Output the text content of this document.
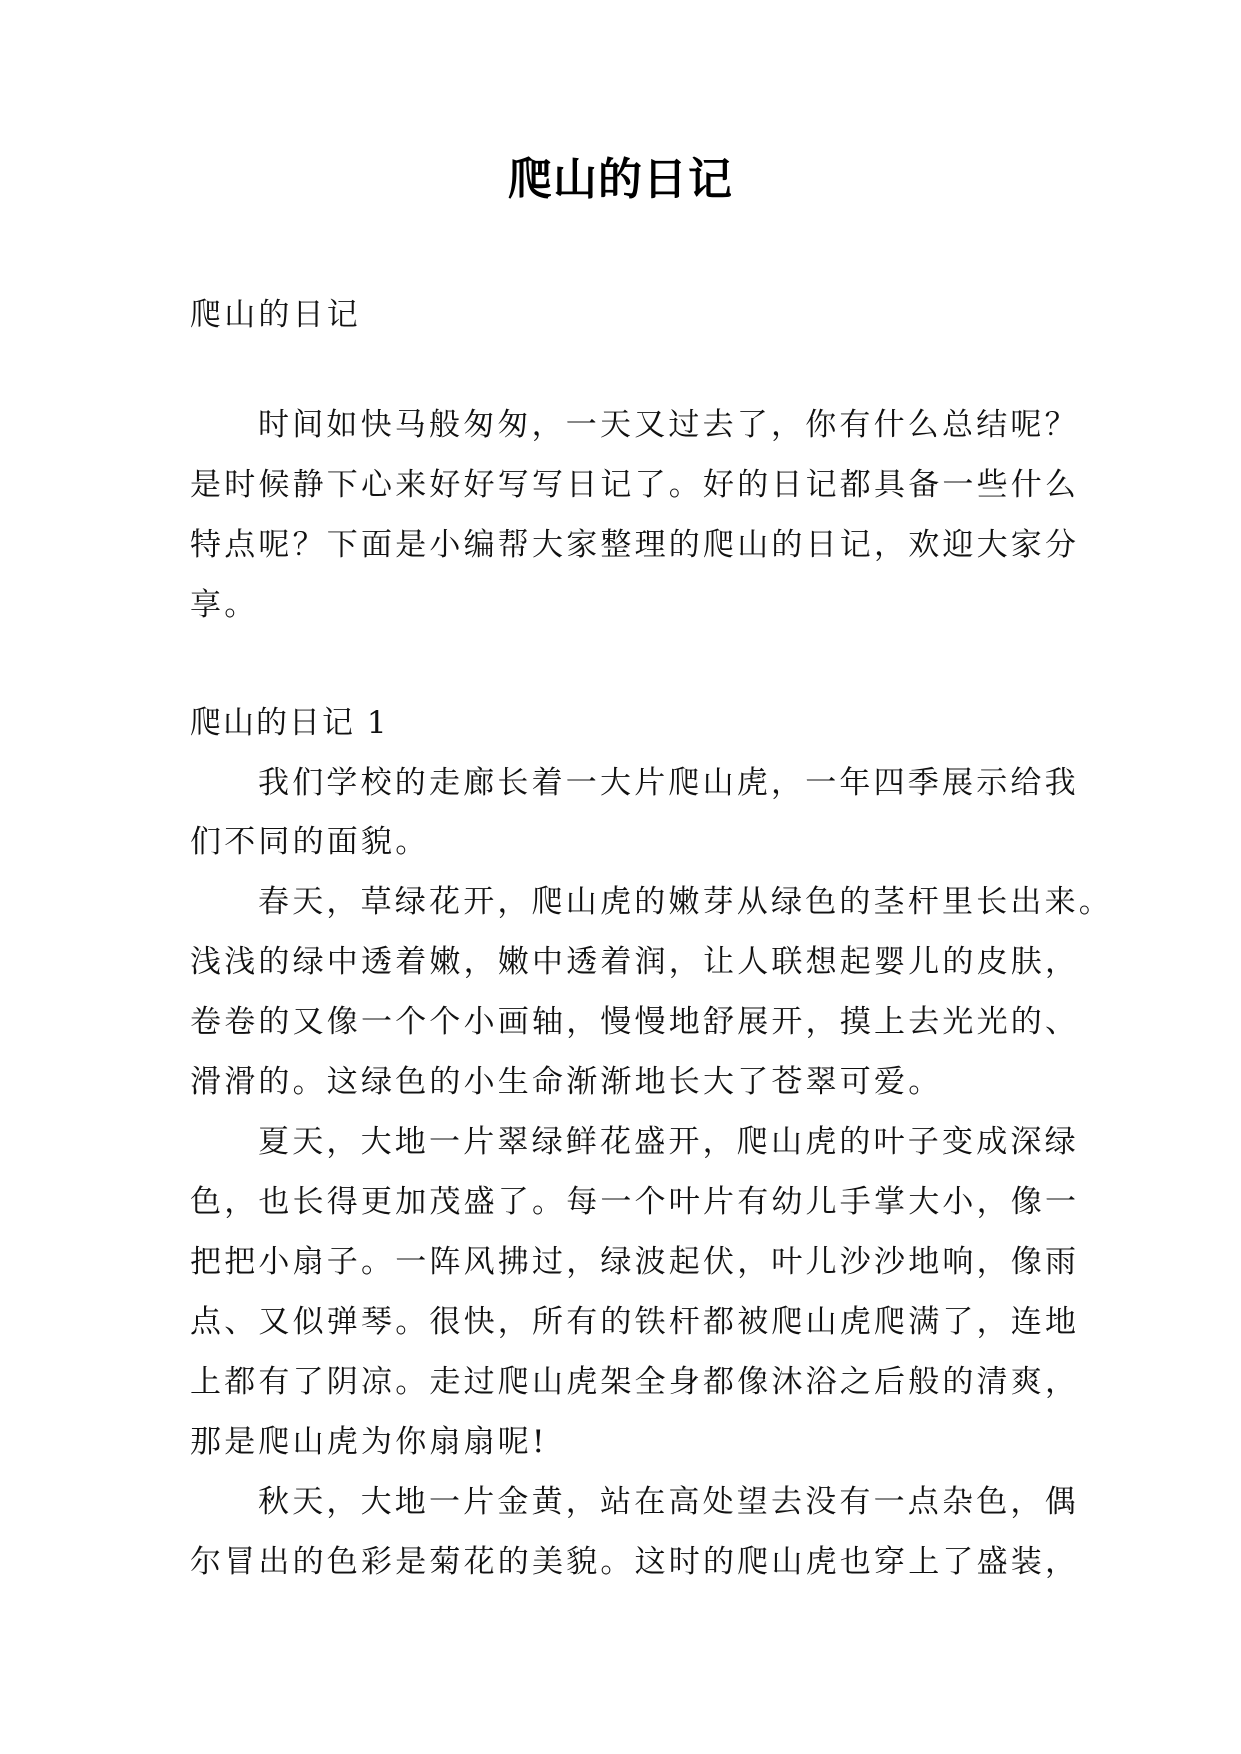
爬山的日记
爬山的日记
时间如快马般匆匆，一天又过去了，你有什么总结呢？
是时候静下心来好好写写日记了。好的日记都具备一些什么
特点呢？下面是小编帮大家整理的爬山的日记，欢迎大家分
享。
爬山的日记 1
我们学校的走廊长着一大片爬山虎，一年四季展示给我
们不同的面貌。
春天，草绿花开，爬山虎的嫩芽从绿色的茎杆里长出来。
浅浅的绿中透着嫩，嫩中透着润，让人联想起婴儿的皮肤，
卷卷的又像一个个小画轴，慢慢地舒展开，摸上去光光的、
滑滑的。这绿色的小生命渐渐地长大了苍翠可爱。
夏天，大地一片翠绿鲜花盛开，爬山虎的叶子变成深绿
色，也长得更加茂盛了。每一个叶片有幼儿手掌大小，像一
把把小扇子。一阵风拂过，绿波起伏，叶儿沙沙地响，像雨
点、又似弹琴。很快，所有的铁杆都被爬山虎爬满了，连地
上都有了阴凉。走过爬山虎架全身都像沐浴之后般的清爽，
那是爬山虎为你扇扇呢!
秋天，大地一片金黄，站在高处望去没有一点杂色，偶
尔冒出的色彩是菊花的美貌。这时的爬山虎也穿上了盛装，
